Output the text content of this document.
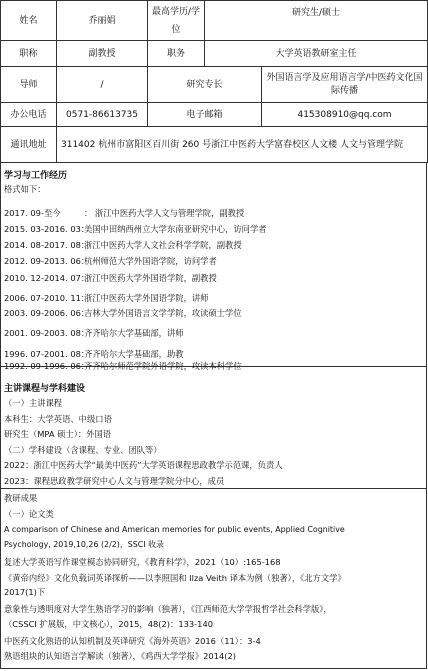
姓名	乔丽娟	最高学历/学位	研究生/硕士	
职称	副教授	职务	大学英语教研室主任	
导师	/	研究专长		外国语言学及应用语言学/中医药文化国际传播
办公电话	0571-86613735	电子邮箱		415308910@qq.com
通讯地址	311402 杭州市富阳区百川街 260 号浙江中医药大学富春校区人文楼 人文与管理学院			
学习与工作经历
格式如下：
2017. 09-至今	： 浙江中医药大学人文与管理学院，副教授
2015. 03-2016. 03：美国中田纳西州立大学东南亚研究中心，访问学者
2014. 08-2017. 08：浙江中医药大学人文社会科学学院，副教授
2012. 09-2013. 06：杭州师范大学外国语学院，访问学者
2010. 12-2014. 07：浙江中医药大学外国语学院，副教授
2006. 07-2010. 11：浙江中医药大学外国语学院，讲师
2003. 09-2006. 06：吉林大学外国语言文学学院，攻读硕士学位
2001. 09-2003. 08：齐齐哈尔大学基础部，讲师
1996. 07-2001. 08：齐齐哈尔大学基础部，助教
1992. 09-1996. 06：齐齐哈尔师范学院外语学院，攻读本科学位
主讲课程与学科建设
（一）主讲课程
本科生：大学英语、中级口语
研究生（MPA 硕士）：外国语
（二）学科建设（含课程、专业、团队等）
2022：浙江中医药大学“最美中医药”大学英语课程思政教学示范课，负责人
2023：课程思政教学研究中心人文与管理学院分中心，成员
教研成果
（一）论文类
A comparison of Chinese and American memories for public events, Applied Cognitive
Psychology, 2019,10,26 (2/2)，SSCI 收录
复述大学英语写作课堂模态协同研究，《教育科学》，2021（10）:165-168
《黄帝内经》文化负载词英译探析——以李照国和 Ilza Veith 译本为例（独著），《北方文学》
2017(1)下
意象性与透明度对大学生熟语学习的影响（独著），《江西师范大学学报哲学社会科学版》，
（CSSCI 扩展版，中文核心），2015，48(2)：133-140
中医药文化熟语的认知机制及英译研究《海外英语》2016（11）：3-4
熟语组块的认知语言学解读（独著），《鸡西大学学报》2014(2)
